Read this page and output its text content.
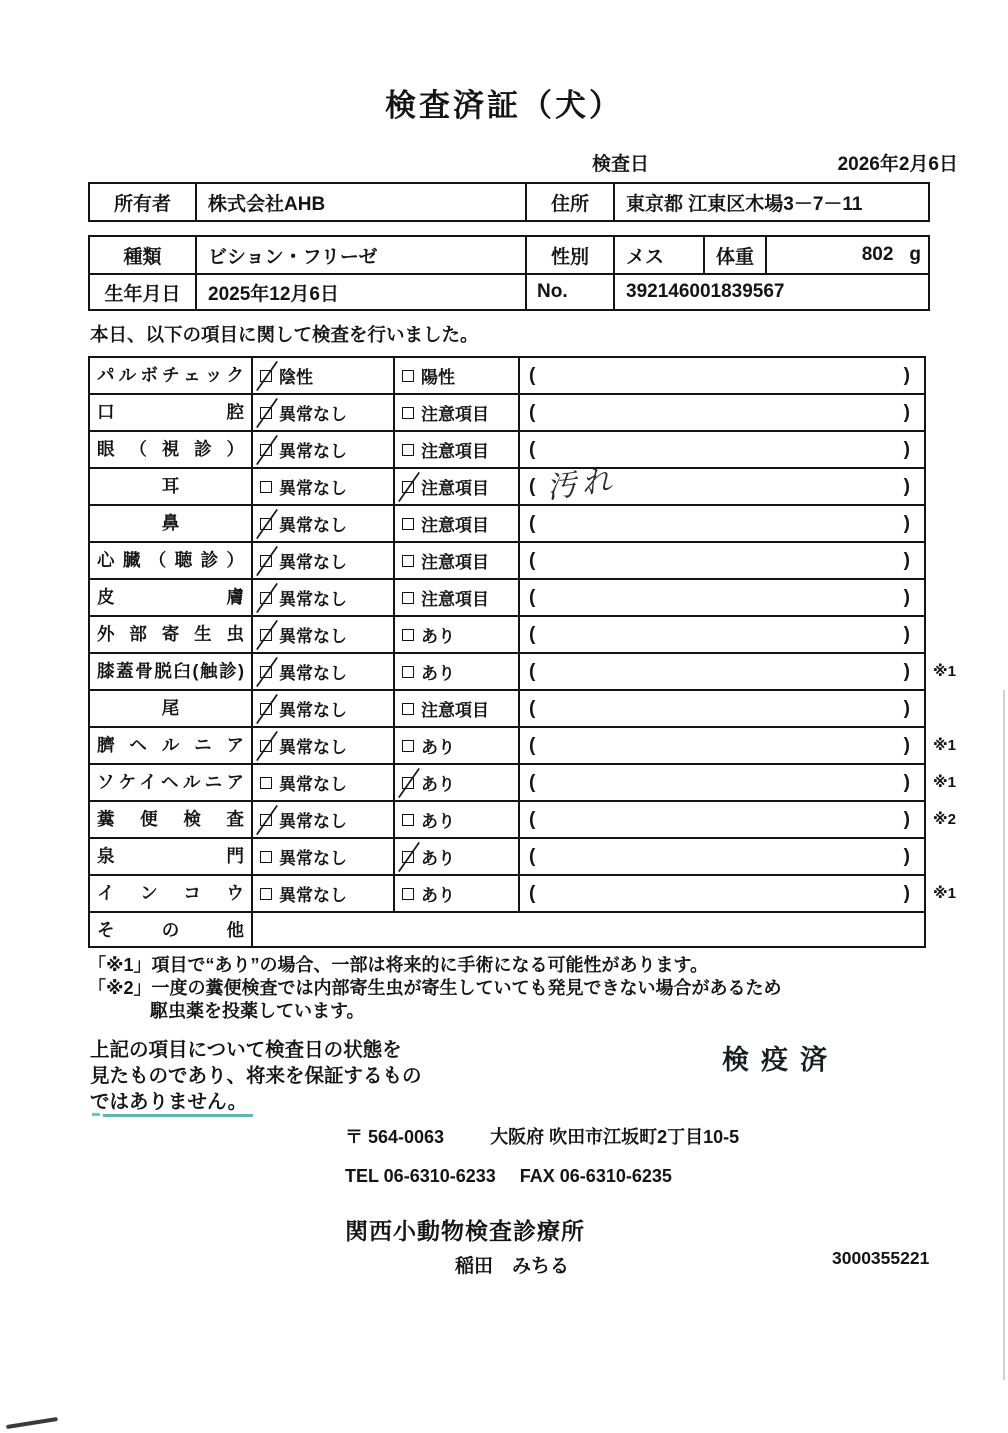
検査済証（犬）
検査日	2026年2月6日
所有者	株式会社AHB	住所	東京都 江東区木場3－7－11
種類	ビション・フリーゼ	性別	メス	体重	802 g
生年月日	2025年12月6日	No.	392146001839567
本日、以下の項目に関して検査を行いました。
パルボチェック	陰性	陽性	(	)
口腔	異常なし	注意項目 (	)
眼（視診）	異常なし	注意項目 (	)
耳	異常なし	注意項目 ( 汚れ	)
鼻	異常なし	注意項目 (	)
心臓（聴診）	異常なし	注意項目 (	)
皮膚	異常なし	注意項目 (	)
外部寄生虫	異常なし	あり	(	)
膝蓋骨脱臼(触診)	異常なし	あり	(	)	※1
尾	異常なし	注意項目 (	)
臍ヘルニア	異常なし	あり	(	)	※1
ソケイヘルニア	異常なし	あり	(	)	※1
糞便検査	異常なし	あり	(	)	※2
泉門	異常なし	あり	(	)
インコウ	異常なし	あり	(	)	※1
その他
「※1」項目で“あり”の場合、一部は将来的に手術になる可能性があります。
「※2」一度の糞便検査では内部寄生虫が寄生していても発見できない場合があるため
駆虫薬を投薬しています。
上記の項目について検査日の状態を
見たものであり、将来を保証するもの
ではありません。
検疫済
〒 564-0063	大阪府 吹田市江坂町2丁目10-5
TEL 06-6310-6233 FAX 06-6310-6235
関西小動物検査診療所
稲田　みちる	3000355221
